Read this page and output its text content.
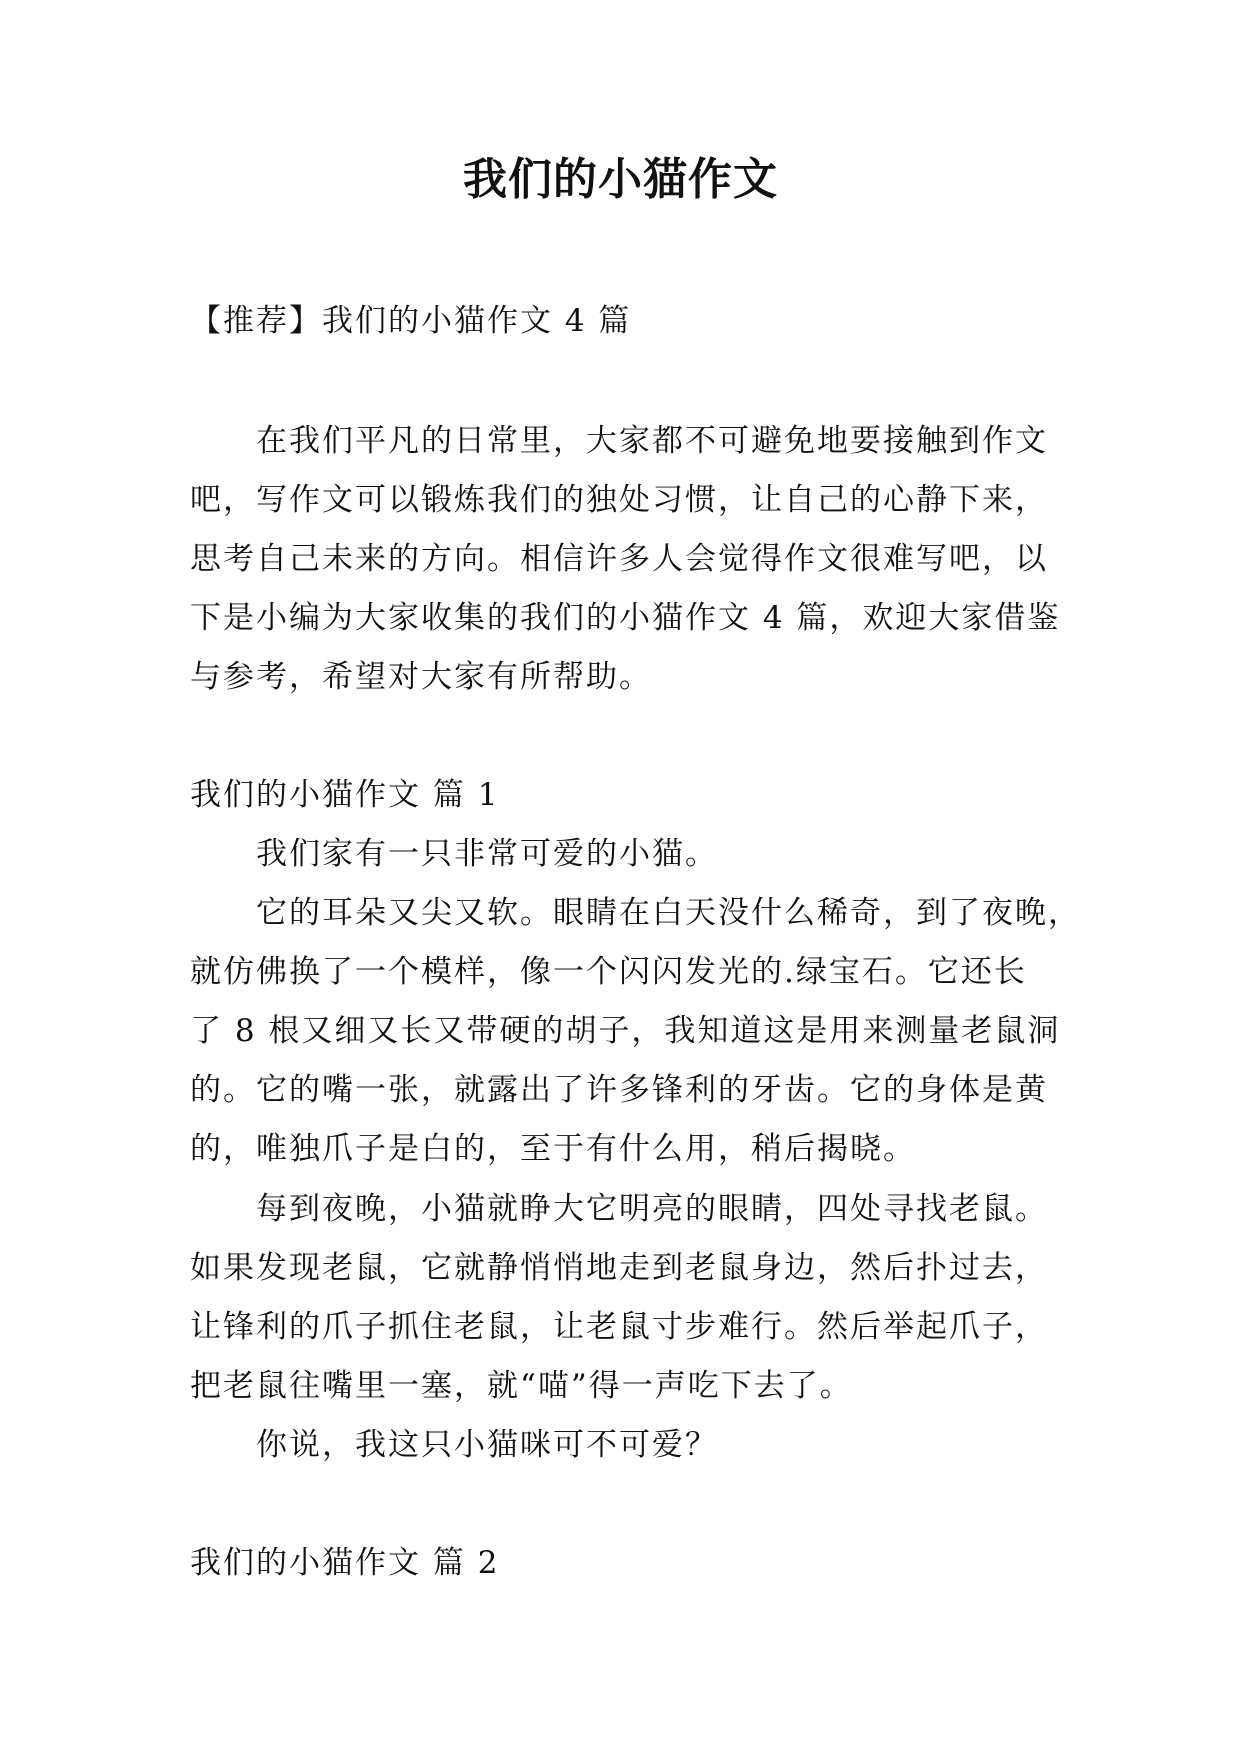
我们的小猫作文
【推荐】我们的小猫作文 4 篇
在我们平凡的日常里，大家都不可避免地要接触到作文
吧，写作文可以锻炼我们的独处习惯，让自己的心静下来，
思考自己未来的方向。相信许多人会觉得作文很难写吧，以
下是小编为大家收集的我们的小猫作文 4 篇，欢迎大家借鉴
与参考，希望对大家有所帮助。
我们的小猫作文 篇 1
我们家有一只非常可爱的小猫。
它的耳朵又尖又软。眼睛在白天没什么稀奇，到了夜晚，
就仿佛换了一个模样，像一个闪闪发光的.绿宝石。它还长
了 8 根又细又长又带硬的胡子，我知道这是用来测量老鼠洞
的。它的嘴一张，就露出了许多锋利的牙齿。它的身体是黄
的，唯独爪子是白的，至于有什么用，稍后揭晓。
每到夜晚，小猫就睁大它明亮的眼睛，四处寻找老鼠。
如果发现老鼠，它就静悄悄地走到老鼠身边，然后扑过去，
让锋利的爪子抓住老鼠，让老鼠寸步难行。然后举起爪子，
把老鼠往嘴里一塞，就“喵”得一声吃下去了。
你说，我这只小猫咪可不可爱？
我们的小猫作文 篇 2
